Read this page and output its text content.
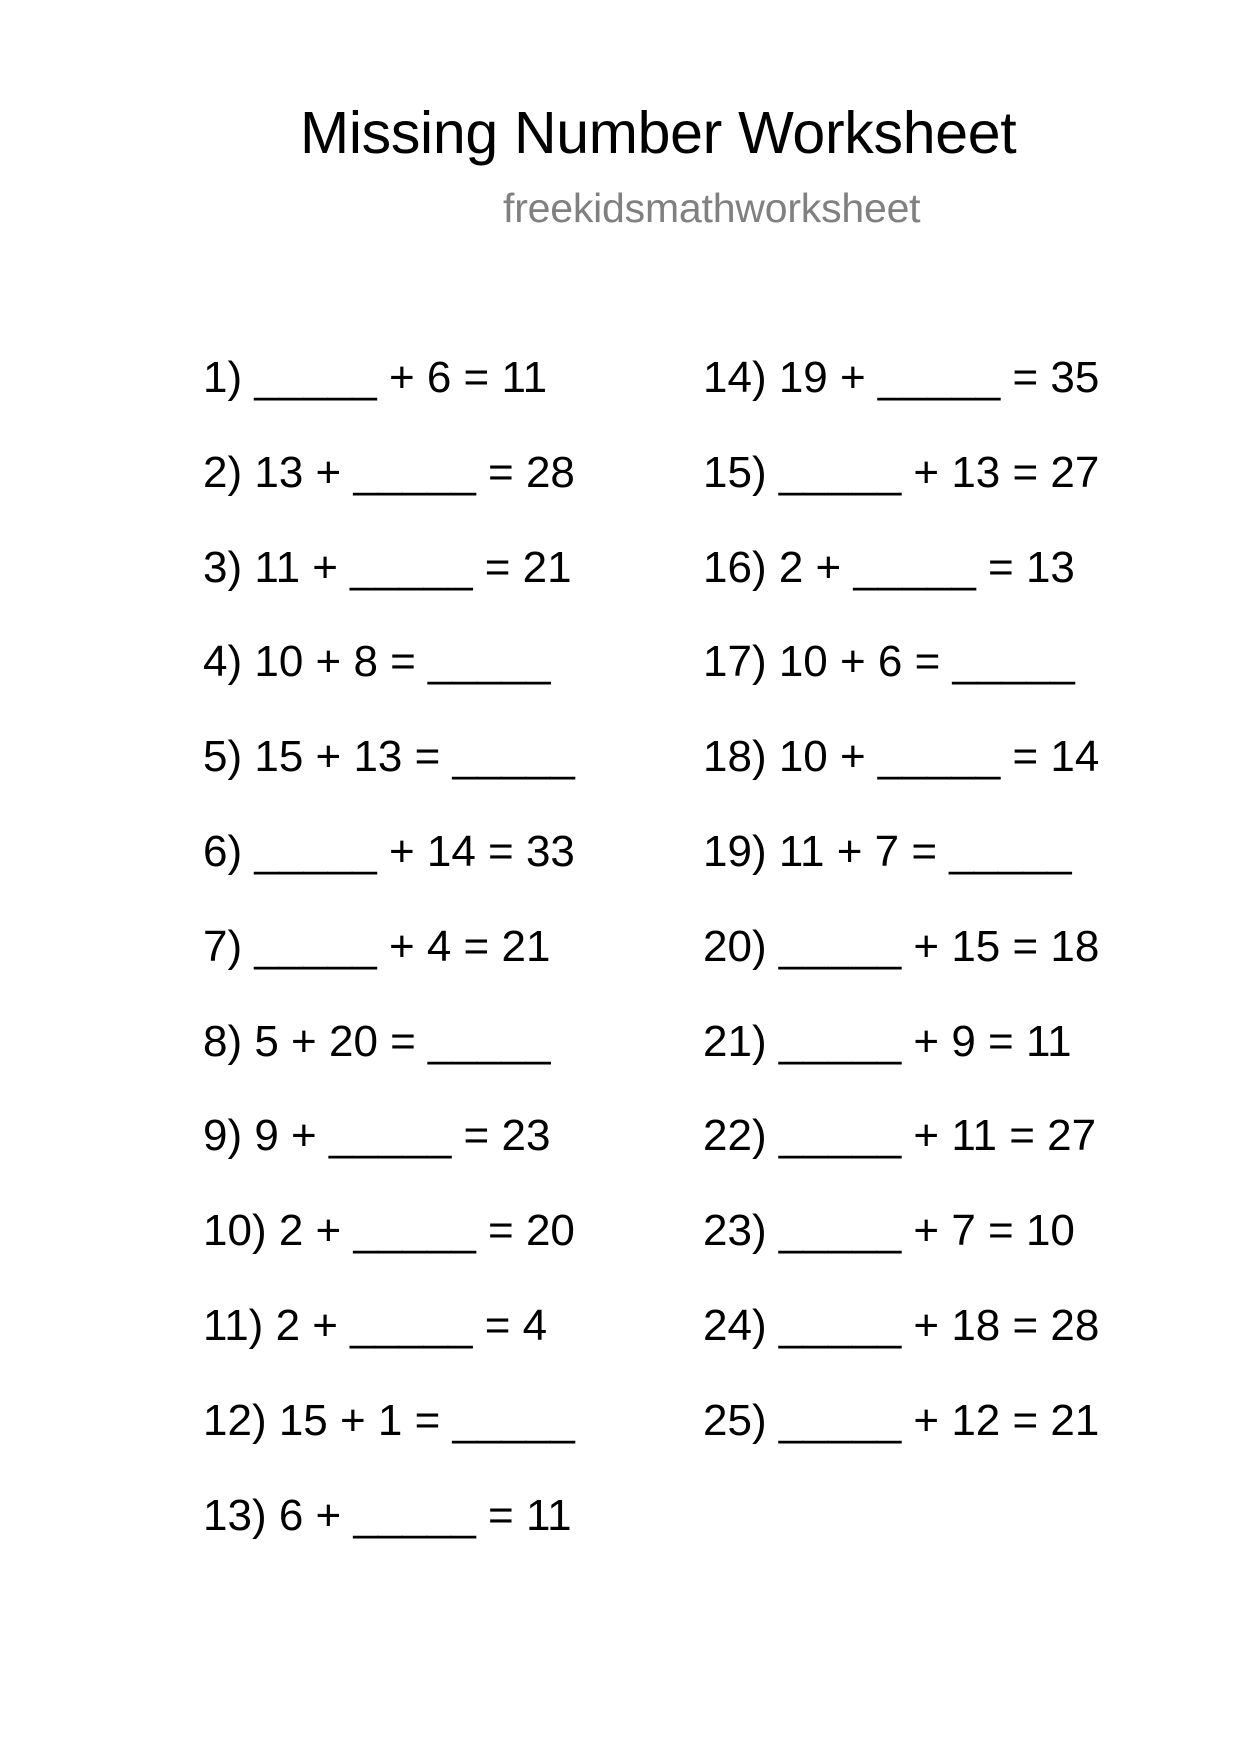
Missing Number Worksheet
freekidsmathworksheet
1) _____ + 6 = 11
2) 13 + _____ = 28
3) 11 + _____ = 21
4) 10 + 8 = _____
5) 15 + 13 = _____
6) _____ + 14 = 33
7) _____ + 4 = 21
8) 5 + 20 = _____
9) 9 + _____ = 23
10) 2 + _____ = 20
11) 2 + _____ = 4
12) 15 + 1 = _____
13) 6 + _____ = 11
14) 19 + _____ = 35
15) _____ + 13 = 27
16) 2 + _____ = 13
17) 10 + 6 = _____
18) 10 + _____ = 14
19) 11 + 7 = _____
20) _____ + 15 = 18
21) _____ + 9 = 11
22) _____ + 11 = 27
23) _____ + 7 = 10
24) _____ + 18 = 28
25) _____ + 12 = 21
